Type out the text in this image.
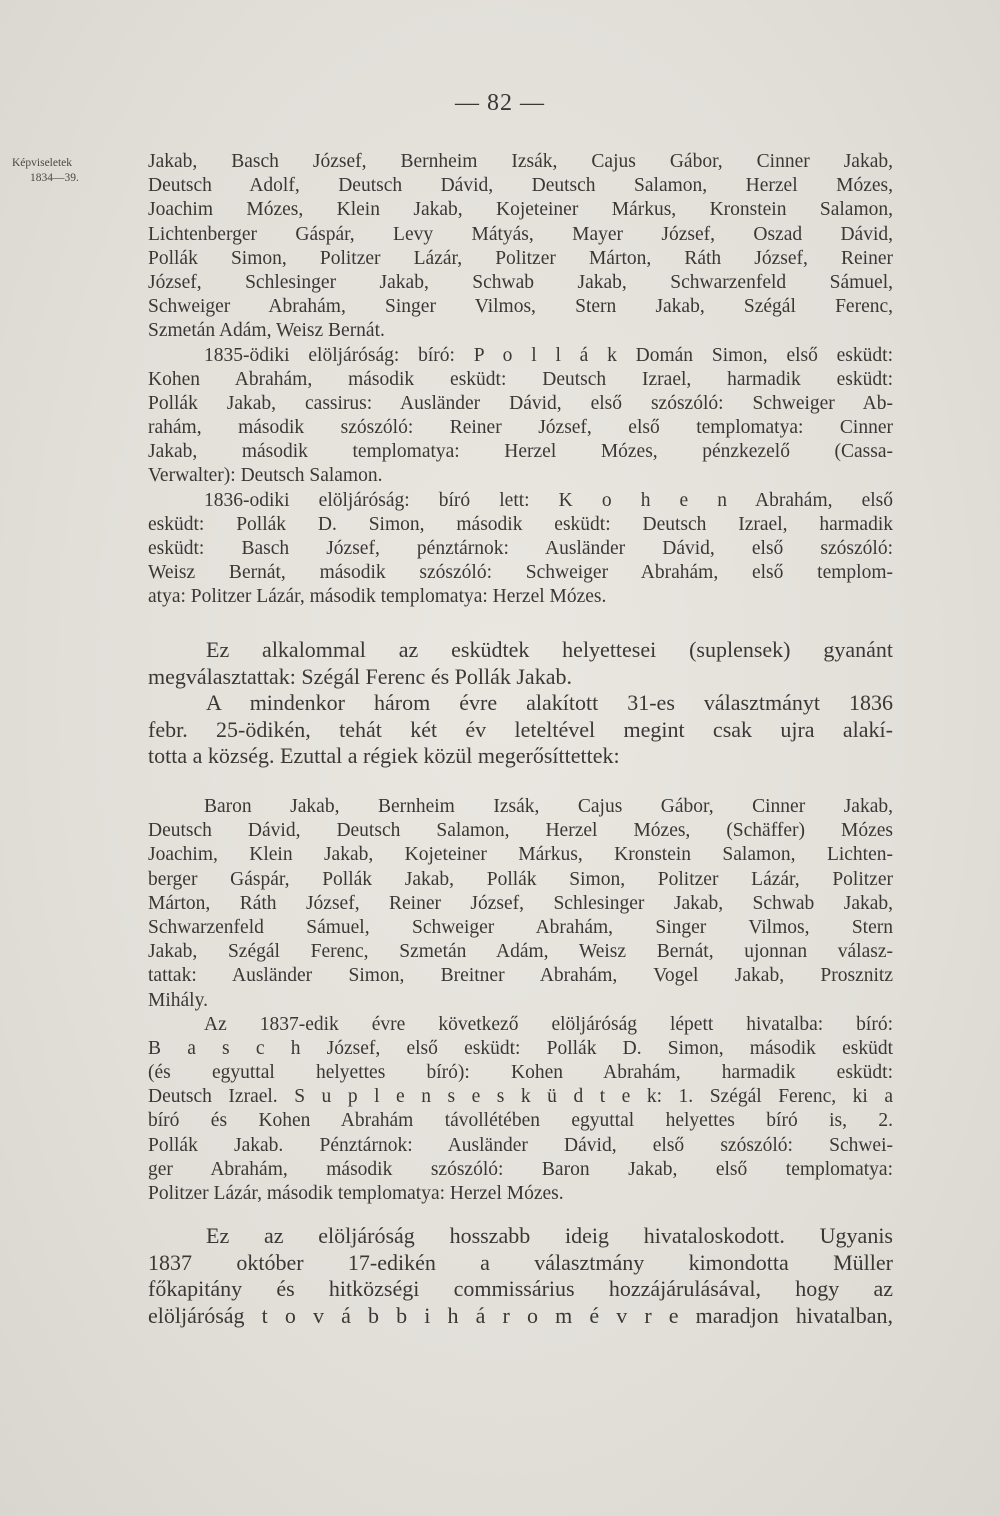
— 82 —
Képviseletek
1834—39.
Jakab, Basch József, Bernheim Izsák, Cajus Gábor, Cinner Jakab,
Deutsch Adolf, Deutsch Dávid, Deutsch Salamon, Herzel Mózes,
Joachim Mózes, Klein Jakab, Kojeteiner Márkus, Kronstein Salamon,
Lichtenberger Gáspár, Levy Mátyás, Mayer József, Oszad Dávid,
Pollák Simon, Politzer Lázár, Politzer Márton, Ráth József, Reiner
József, Schlesinger Jakab, Schwab Jakab, Schwarzenfeld Sámuel,
Schweiger Abrahám, Singer Vilmos, Stern Jakab, Szégál Ferenc,
Szmetán Adám, Weisz Bernát.
1835-ödiki elöljáróság: bíró: P o l l á k Domán Simon, első esküdt:
Kohen Abrahám, második esküdt: Deutsch Izrael, harmadik esküdt:
Pollák Jakab, cassirus: Ausländer Dávid, első szószóló: Schweiger Ab-
rahám, második szószóló: Reiner József, első templomatya: Cinner
Jakab, második templomatya: Herzel Mózes, pénzkezelő (Cassa-
Verwalter): Deutsch Salamon.
1836-odiki elöljáróság: bíró lett: K o h e n Abrahám, első
esküdt: Pollák D. Simon, második esküdt: Deutsch Izrael, harmadik
esküdt: Basch József, pénztárnok: Ausländer Dávid, első szószóló:
Weisz Bernát, második szószóló: Schweiger Abrahám, első templom-
atya: Politzer Lázár, második templomatya: Herzel Mózes.
Ez alkalommal az esküdtek helyettesei (suplensek) gyanánt
megválasztattak: Szégál Ferenc és Pollák Jakab.
A mindenkor három évre alakított 31-es választmányt 1836
febr. 25-ödikén, tehát két év leteltével megint csak ujra alakí-
totta a község. Ezuttal a régiek közül megerősíttettek:
Baron Jakab, Bernheim Izsák, Cajus Gábor, Cinner Jakab,
Deutsch Dávid, Deutsch Salamon, Herzel Mózes, (Schäffer) Mózes
Joachim, Klein Jakab, Kojeteiner Márkus, Kronstein Salamon, Lichten-
berger Gáspár, Pollák Jakab, Pollák Simon, Politzer Lázár, Politzer
Márton, Ráth József, Reiner József, Schlesinger Jakab, Schwab Jakab,
Schwarzenfeld Sámuel, Schweiger Abrahám, Singer Vilmos, Stern
Jakab, Szégál Ferenc, Szmetán Adám, Weisz Bernát, ujonnan válasz-
tattak: Ausländer Simon, Breitner Abrahám, Vogel Jakab, Prosznitz
Mihály.
Az 1837-edik évre következő elöljáróság lépett hivatalba: bíró:
B a s c h József, első esküdt: Pollák D. Simon, második esküdt
(és egyuttal helyettes bíró): Kohen Abrahám, harmadik esküdt:
Deutsch Izrael. S u p l e n s e s k ü d t e k: 1. Szégál Ferenc, ki a
bíró és Kohen Abrahám távollétében egyuttal helyettes bíró is, 2.
Pollák Jakab. Pénztárnok: Ausländer Dávid, első szószóló: Schwei-
ger Abrahám, második szószóló: Baron Jakab, első templomatya:
Politzer Lázár, második templomatya: Herzel Mózes.
Ez az elöljáróság hosszabb ideig hivataloskodott. Ugyanis
1837 október 17-edikén a választmány kimondotta Müller
főkapitány és hitközségi commissárius hozzájárulásával, hogy az
elöljáróság t o v á b b i h á r o m é v r e maradjon hivatalban,
